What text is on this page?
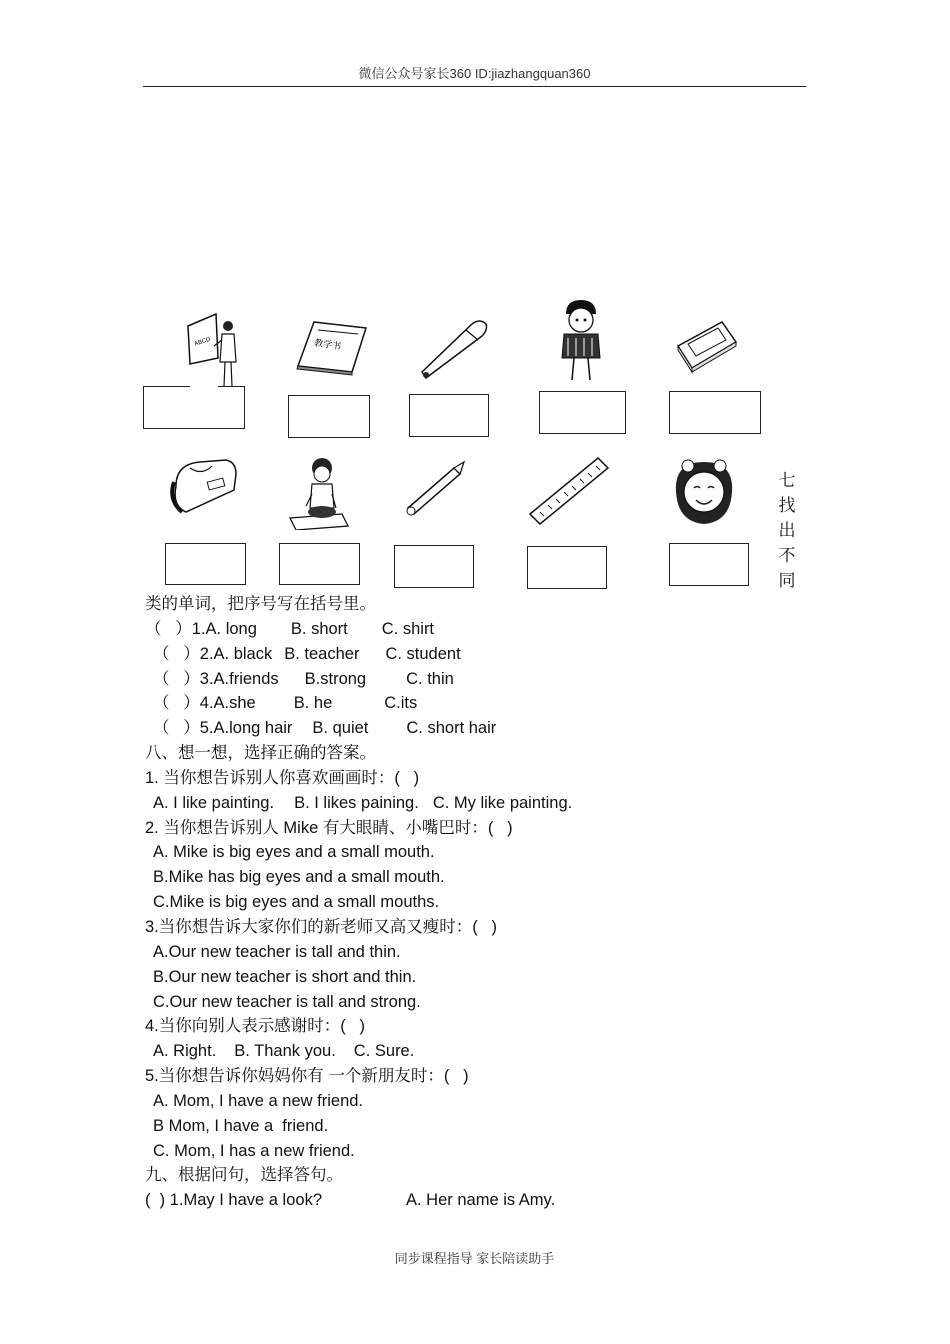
微信公众号家长360 ID:jiazhangquan360
ABCD	教学书
七
找
出
不
同
类的单词，把序号写在括号里。
（   ）1.A. long B. short C. shirt
（   ）2.A. black B. teacher C. student
（   ）3.A.friends B.strong C. thin
（   ）4.A.she B. he	C.its
（   ）5.A.long hair B. quiet C. short hair
八、想一想，选择正确的答案。
1. 当你想告诉别人你喜欢画画时：(   )
A. I like painting. B. I likes paining. C. My like painting.
2. 当你想告诉别人 Mike 有大眼睛、小嘴巴时：(   )
A. Mike is big eyes and a small mouth.
B.Mike has big eyes and a small mouth.
C.Mike is big eyes and a small mouths.
3.当你想告诉大家你们的新老师又高又瘦时：(   )
A.Our new teacher is tall and thin.
B.Our new teacher is short and thin.
C.Our new teacher is tall and strong.
4.当你向别人表示感谢时：(   )
A. Right. B. Thank you. C. Sure.
5.当你想告诉你妈妈你有 一个新朋友时：(   )
A. Mom, I have a new friend.
B Mom, I have a  friend.
C. Mom, I has a new friend.
九、根据问句，选择答句。
(  ) 1.May I have a look?	A. Her name is Amy.
同步课程指导 家长陪读助手
